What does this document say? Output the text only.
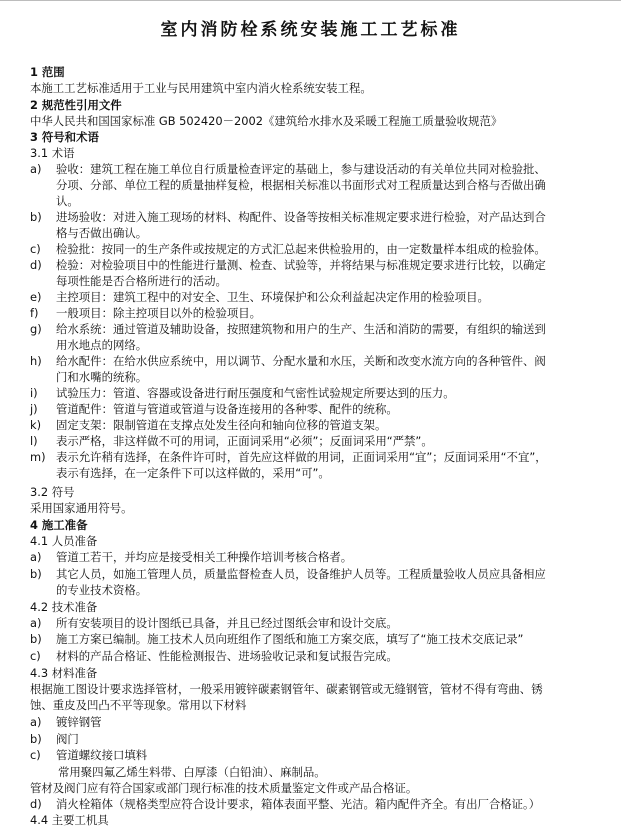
室内消防栓系统安装施工工艺标准
1 范围
本施工工艺标准适用于工业与民用建筑中室内消火栓系统安装工程。
2 规范性引用文件
中华人民共和国国家标准 GB 502420－2002《建筑给水排水及采暖工程施工质量验收规范》
3 符号和术语
3.1 术语
a)	验收：建筑工程在施工单位自行质量检查评定的基础上，参与建设活动的有关单位共同对检验批、
分项、分部、单位工程的质量抽样复检，根据相关标准以书面形式对工程质量达到合格与否做出确
认。
b)	进场验收：对进入施工现场的材料、构配件、设备等按相关标准规定要求进行检验，对产品达到合
格与否做出确认。
c)	检验批：按同一的生产条件或按规定的方式汇总起来供检验用的，由一定数量样本组成的检验体。
d)	检验：对检验项目中的性能进行量测、检查、试验等，并将结果与标准规定要求进行比较，以确定
每项性能是否合格所进行的活动。
e)	主控项目：建筑工程中的对安全、卫生、环境保护和公众利益起决定作用的检验项目。
f)	一般项目：除主控项目以外的检验项目。
g)	给水系统：通过管道及辅助设备，按照建筑物和用户的生产、生活和消防的需要，有组织的输送到
用水地点的网络。
h)	给水配件：在给水供应系统中，用以调节、分配水量和水压，关断和改变水流方向的各种管件、阀
门和水嘴的统称。
i)	试验压力：管道、容器或设备进行耐压强度和气密性试验规定所要达到的压力。
j)	管道配件：管道与管道或管道与设备连接用的各种零、配件的统称。
k)	固定支架：限制管道在支撑点处发生径向和轴向位移的管道支架。
l)	表示严格，非这样做不可的用词，正面词采用“必须”；反面词采用“严禁”。
m) 表示允许稍有选择，在条件许可时，首先应这样做的用词，正面词采用“宜”；反面词采用“不宜”，
表示有选择，在一定条件下可以这样做的，采用“可”。
3.2 符号
采用国家通用符号。
4 施工准备
4.1 人员准备
a)	管道工若干，并均应是接受相关工种操作培训考核合格者。
b)	其它人员，如施工管理人员，质量监督检查人员，设备维护人员等。工程质量验收人员应具备相应
的专业技术资格。
4.2 技术准备
a)	所有安装项目的设计图纸已具备，并且已经过图纸会审和设计交底。
b)	施工方案已编制。施工技术人员向班组作了图纸和施工方案交底，填写了“施工技术交底记录”
c)	材料的产品合格证、性能检测报告、进场验收记录和复试报告完成。
4.3 材料准备
根据施工图设计要求选择管材，一般采用镀锌碳素钢管年、碳素钢管或无缝钢管，管材不得有弯曲、锈
蚀、重皮及凹凸不平等现象。常用以下材料
a)	镀锌钢管
b)	阀门
c)	管道螺纹接口填料
常用聚四氟乙烯生料带、白厚漆（白铅油）、麻制品。
管材及阀门应有符合国家或部门现行标准的技术质量鉴定文件或产品合格证。
d)	消火栓箱体（规格类型应符合设计要求，箱体表面平整、光洁。箱内配件齐全。有出厂合格证。）
4.4 主要工机具
